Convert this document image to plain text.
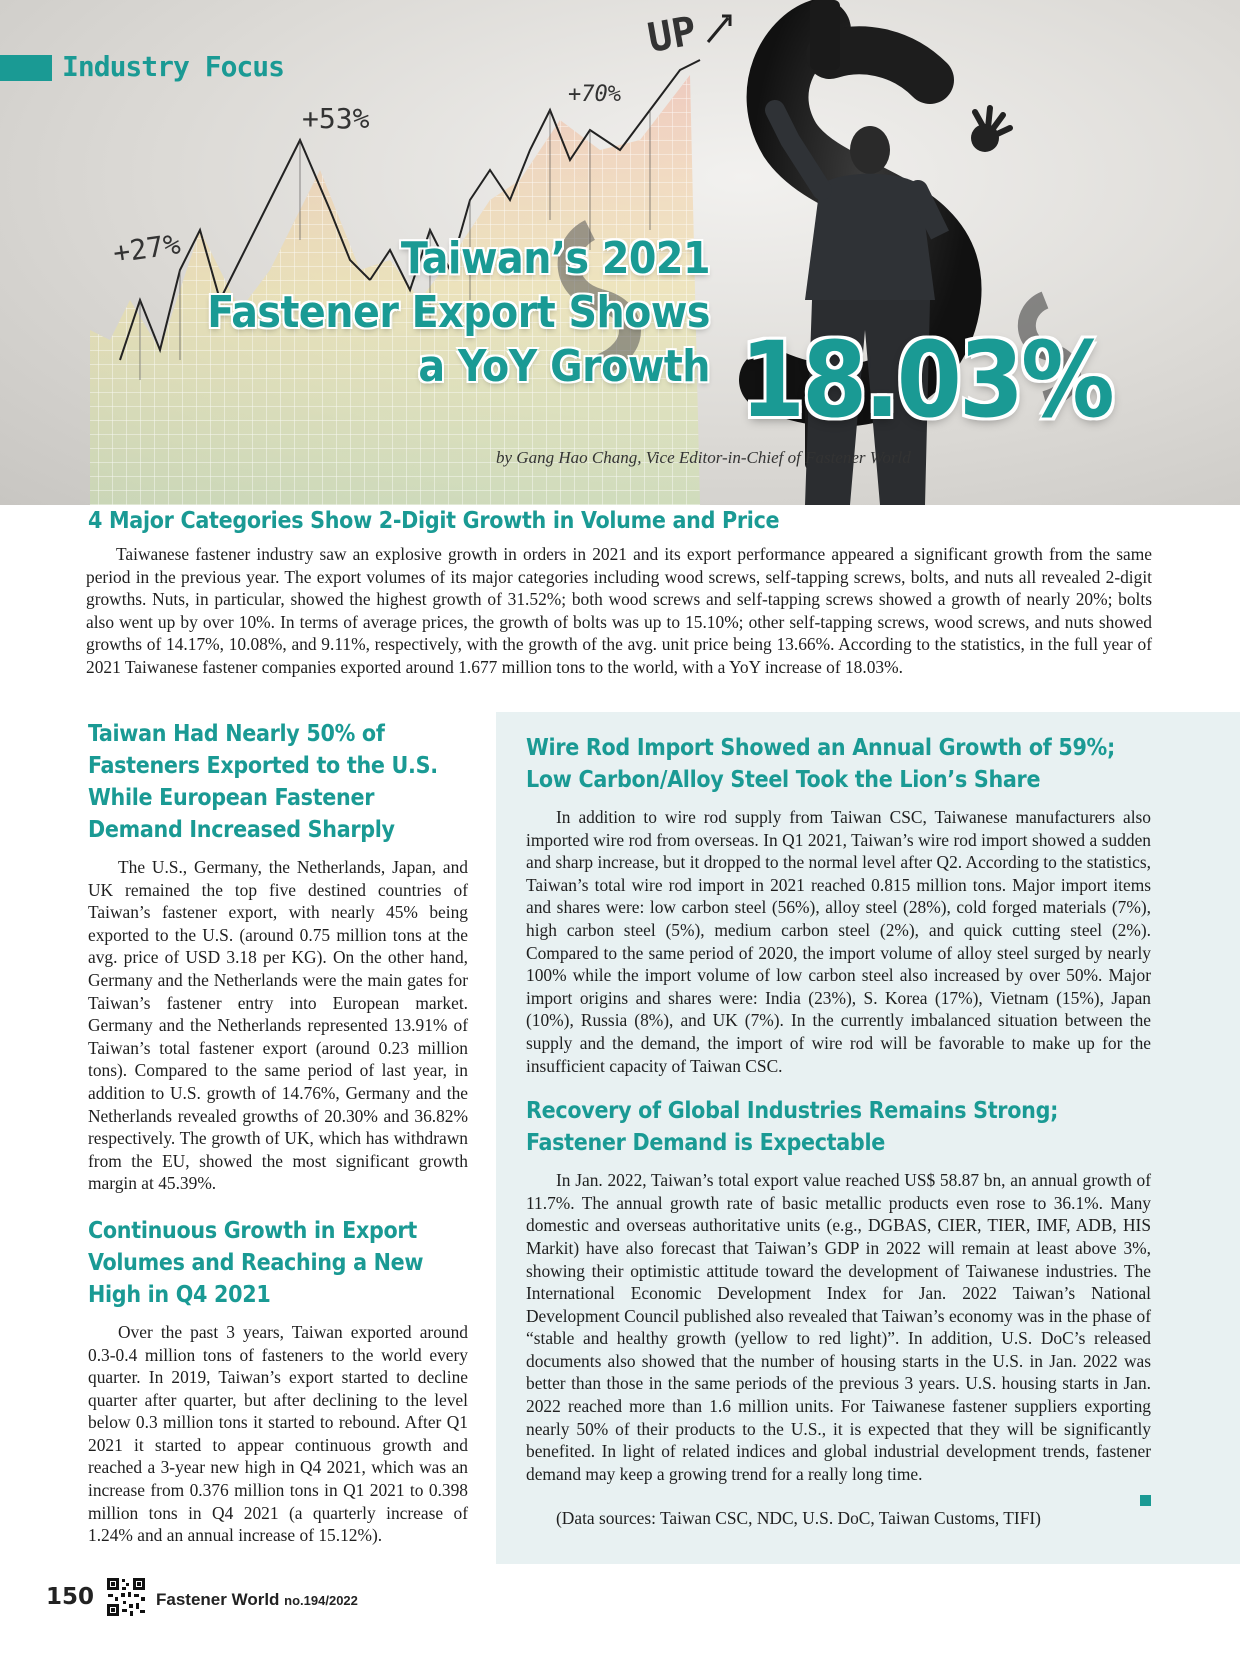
Industry Focus
+27%
+53%
+70%
UP
Taiwan’s 2021
Fastener Export Shows
a YoY Growth 18.03%
by Gang Hao Chang, Vice Editor-in-Chief of Fastener World
4 Major Categories Show 2-Digit Growth in Volume and Price

Taiwanese fastener industry saw an explosive growth in orders in 2021 and its export performance appeared a significant growth from the same period in the previous year. The export volumes of its major categories including wood screws, self-tapping screws, bolts, and nuts all revealed 2-digit growths. Nuts, in particular, showed the highest growth of 31.52%; both wood screws and self-tapping screws showed a growth of nearly 20%; bolts also went up by over 10%. In terms of average prices, the growth of bolts was up to 15.10%; other self-tapping screws, wood screws, and nuts showed growths of 14.17%, 10.08%, and 9.11%, respectively, with the growth of the avg. unit price being 13.66%. According to the statistics, in the full year of 2021 Taiwanese fastener companies exported around 1.677 million tons to the world, with a YoY increase of 18.03%.

Taiwan Had Nearly 50% of Fasteners Exported to the U.S. While European Fastener Demand Increased Sharply

The U.S., Germany, the Netherlands, Japan, and UK remained the top five destined countries of Taiwan’s fastener export, with nearly 45% being exported to the U.S. (around 0.75 million tons at the avg. price of USD 3.18 per KG). On the other hand, Germany and the Netherlands were the main gates for Taiwan’s fastener entry into European market. Germany and the Netherlands represented 13.91% of Taiwan’s total fastener export (around 0.23 million tons). Compared to the same period of last year, in addition to U.S. growth of 14.76%, Germany and the Netherlands revealed growths of 20.30% and 36.82% respectively. The growth of UK, which has withdrawn from the EU, showed the most significant growth margin at 45.39%.

Continuous Growth in Export Volumes and Reaching a New High in Q4 2021

Over the past 3 years, Taiwan exported around 0.3-0.4 million tons of fasteners to the world every quarter. In 2019, Taiwan’s export started to decline quarter after quarter, but after declining to the level below 0.3 million tons it started to rebound. After Q1 2021 it started to appear continuous growth and reached a 3-year new high in Q4 2021, which was an increase from 0.376 million tons in Q1 2021 to 0.398 million tons in Q4 2021 (a quarterly increase of 1.24% and an annual increase of 15.12%).

Wire Rod Import Showed an Annual Growth of 59%; Low Carbon/Alloy Steel Took the Lion’s Share

In addition to wire rod supply from Taiwan CSC, Taiwanese manufacturers also imported wire rod from overseas. In Q1 2021, Taiwan’s wire rod import showed a sudden and sharp increase, but it dropped to the normal level after Q2. According to the statistics, Taiwan’s total wire rod import in 2021 reached 0.815 million tons. Major import items and shares were: low carbon steel (56%), alloy steel (28%), cold forged materials (7%), high carbon steel (5%), medium carbon steel (2%), and quick cutting steel (2%). Compared to the same period of 2020, the import volume of alloy steel surged by nearly 100% while the import volume of low carbon steel also increased by over 50%. Major import origins and shares were: India (23%), S. Korea (17%), Vietnam (15%), Japan (10%), Russia (8%), and UK (7%). In the currently imbalanced situation between the supply and the demand, the import of wire rod will be favorable to make up for the insufficient capacity of Taiwan CSC.

Recovery of Global Industries Remains Strong; Fastener Demand is Expectable

In Jan. 2022, Taiwan’s total export value reached US$ 58.87 bn, an annual growth of 11.7%. The annual growth rate of basic metallic products even rose to 36.1%. Many domestic and overseas authoritative units (e.g., DGBAS, CIER, TIER, IMF, ADB, HIS Markit) have also forecast that Taiwan’s GDP in 2022 will remain at least above 3%, showing their optimistic attitude toward the development of Taiwanese industries. The International Economic Development Index for Jan. 2022 Taiwan’s National Development Council published also revealed that Taiwan’s economy was in the phase of “stable and healthy growth (yellow to red light)”. In addition, U.S. DoC’s released documents also showed that the number of housing starts in the U.S. in Jan. 2022 was better than those in the same periods of the previous 3 years. U.S. housing starts in Jan. 2022 reached more than 1.6 million units. For Taiwanese fastener suppliers exporting nearly 50% of their products to the U.S., it is expected that they will be significantly benefited. In light of related indices and global industrial development trends, fastener demand may keep a growing trend for a really long time.

(Data sources: Taiwan CSC, NDC, U.S. DoC, Taiwan Customs, TIFI)

150	Fastener World no.194/2022
